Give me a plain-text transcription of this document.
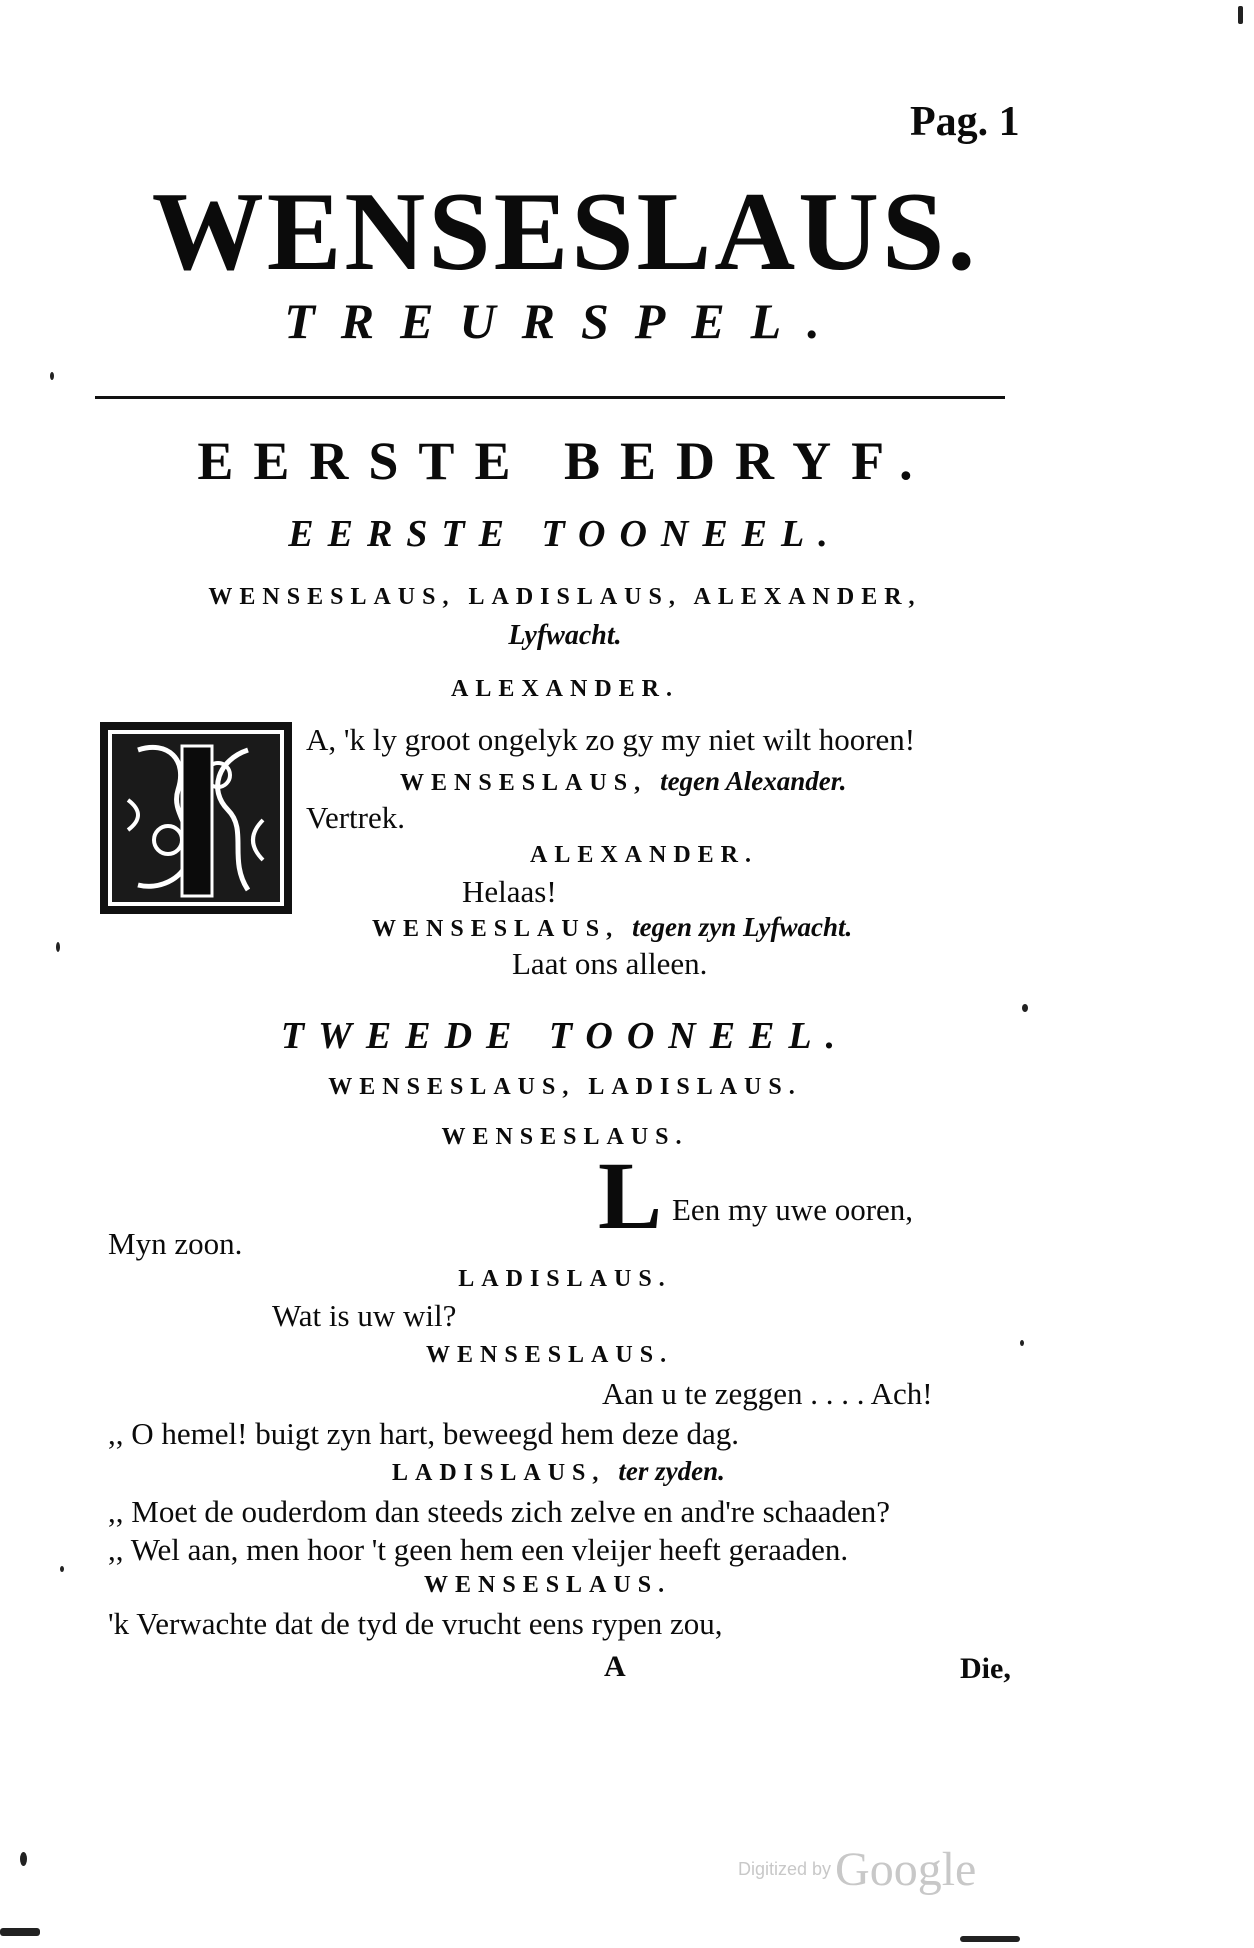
Pag. 1
WENSESLAUS.
TREURSPEL.
EERSTE BEDRYF.
EERSTE TOONEEL.
WENSESLAUS, LADISLAUS, ALEXANDER,
Lyfwacht.
ALEXANDER.
A, 'k ly groot ongelyk zo gy my niet wilt hooren!
WENSESLAUS, tegen Alexander.
Vertrek.
ALEXANDER.
Helaas!
WENSESLAUS, tegen zyn Lyfwacht.
Laat ons alleen.
TWEEDE TOONEEL.
WENSESLAUS, LADISLAUS.
WENSESLAUS.
L Een my uwe ooren,
Myn zoon.
LADISLAUS.
Wat is uw wil?
WENSESLAUS.
Aan u te zeggen . . . . Ach!
,, O hemel! buigt zyn hart, beweegd hem deze dag.
LADISLAUS, ter zyden.
,, Moet de ouderdom dan steeds zich zelve en and're schaaden?
,, Wel aan, men hoor 't geen hem een vleijer heeft geraaden.
WENSESLAUS.
'k Verwachte dat de tyd de vrucht eens rypen zou,
A	Die,
Digitized by Google
